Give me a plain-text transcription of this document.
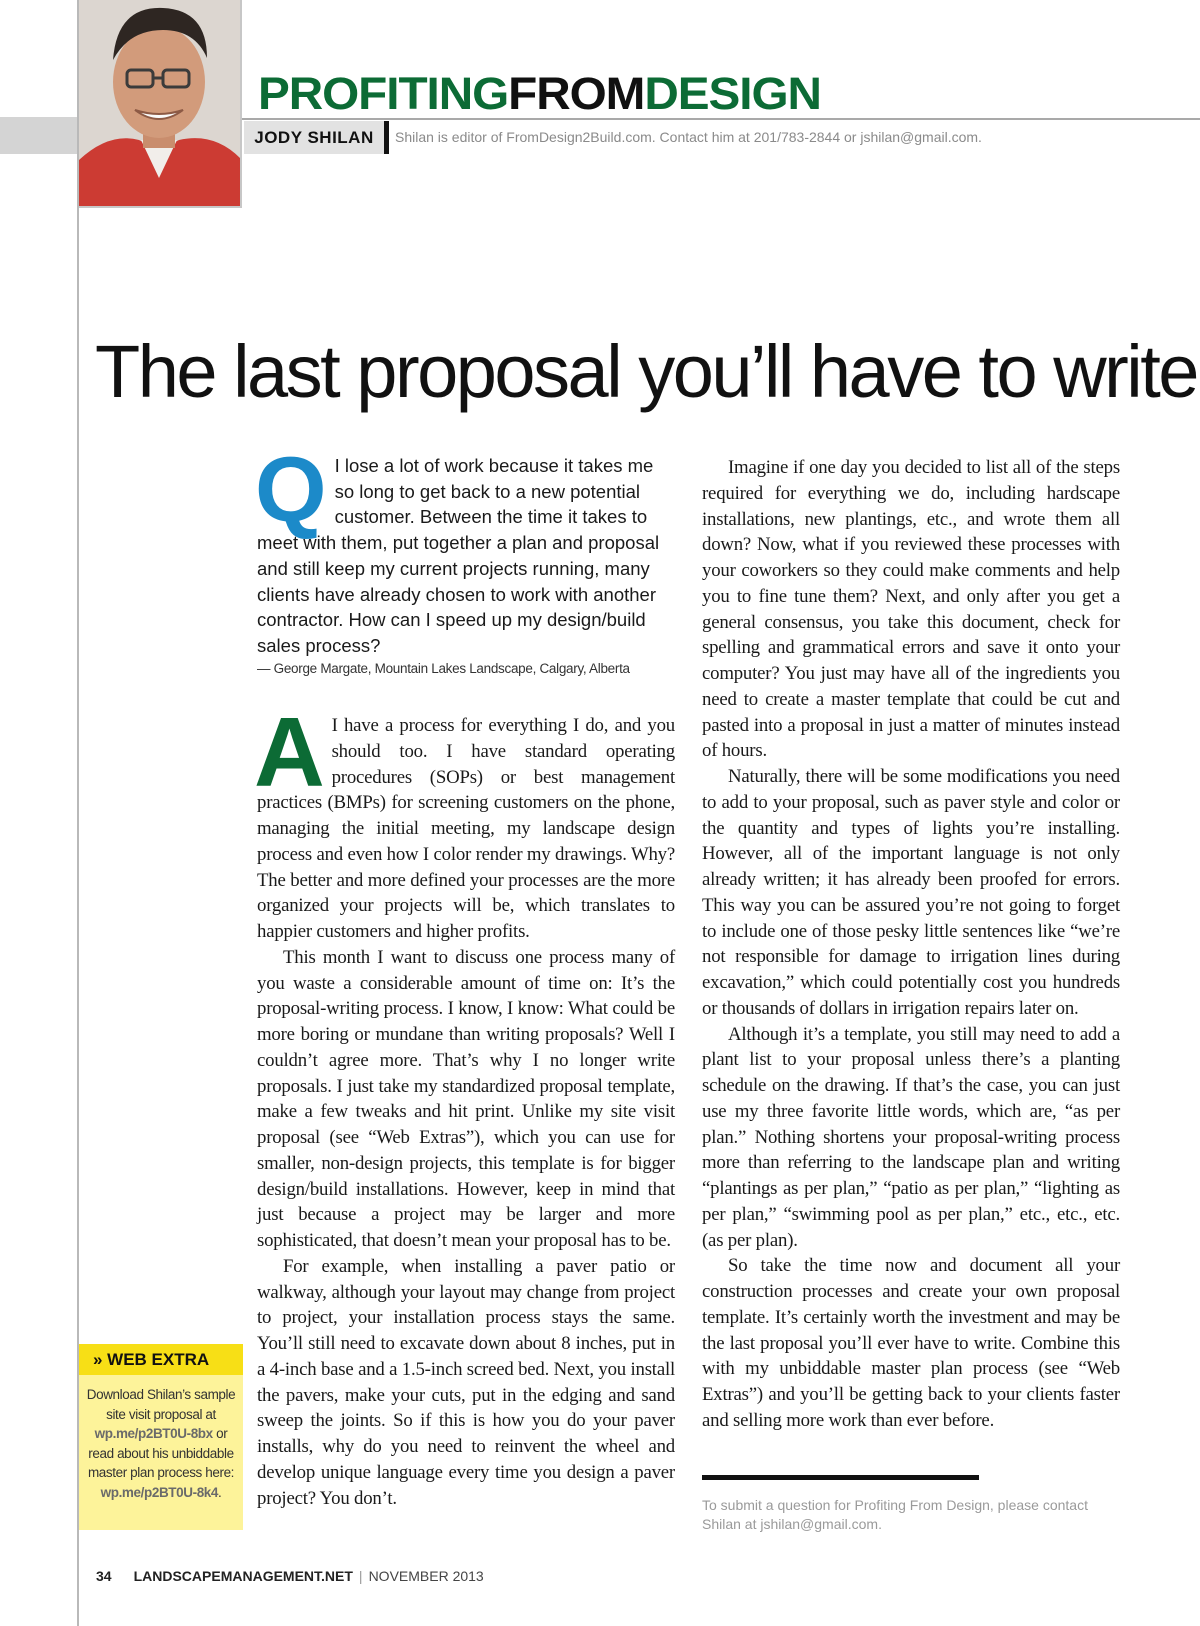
PROFITINGFROMDESIGN
JODY SHILAN	Shilan is editor of FromDesign2Build.com. Contact him at 201/783-2844 or jshilan@gmail.com.
The last proposal you’ll have to write
Q I lose a lot of work because it takes me so long to get back to a new potential customer. Between the time it takes to meet with them, put together a plan and proposal and still keep my current projects running, many clients have already chosen to work with another contractor. How can I speed up my design/build sales process?
— George Margate, Mountain Lakes Landscape, Calgary, Alberta

A I have a process for everything I do, and you should too. I have standard operating procedures (SOPs) or best management practices (BMPs) for screening customers on the phone, managing the initial meeting, my landscape design process and even how I color render my drawings. Why? The better and more defined your processes are the more organized your projects will be, which translates to happier customers and higher profits.

This month I want to discuss one process many of you waste a considerable amount of time on: It’s the proposal-writing process. I know, I know: What could be more boring or mundane than writing proposals? Well I couldn’t agree more. That’s why I no longer write proposals. I just take my standardized proposal template, make a few tweaks and hit print. Unlike my site visit proposal (see “Web Extras”), which you can use for smaller, non-design projects, this template is for bigger design/build installations. However, keep in mind that just because a project may be larger and more sophisticated, that doesn’t mean your proposal has to be.

For example, when installing a paver patio or walkway, although your layout may change from project to project, your installation process stays the same. You’ll still need to excavate down about 8 inches, put in a 4-inch base and a 1.5-inch screed bed. Next, you install the pavers, make your cuts, put in the edging and sand sweep the joints. So if this is how you do your paver installs, why do you need to reinvent the wheel and develop unique language every time you design a paver project? You don’t.

Imagine if one day you decided to list all of the steps required for everything we do, including hardscape installations, new plantings, etc., and wrote them all down? Now, what if you reviewed these processes with your coworkers so they could make comments and help you to fine tune them? Next, and only after you get a general consensus, you take this document, check for spelling and grammatical errors and save it onto your computer? You just may have all of the ingredients you need to create a master template that could be cut and pasted into a proposal in just a matter of minutes instead of hours.

Naturally, there will be some modifications you need to add to your proposal, such as paver style and color or the quantity and types of lights you’re installing. However, all of the important language is not only already written; it has already been proofed for errors. This way you can be assured you’re not going to forget to include one of those pesky little sentences like “we’re not responsible for damage to irrigation lines during excavation,” which could potentially cost you hundreds or thousands of dollars in irrigation repairs later on.

Although it’s a template, you still may need to add a plant list to your proposal unless there’s a planting schedule on the drawing. If that’s the case, you can just use my three favorite little words, which are, “as per plan.” Nothing shortens your proposal-writing process more than referring to the landscape plan and writing “plantings as per plan,” “patio as per plan,” “lighting as per plan,” “swimming pool as per plan,” etc., etc., etc. (as per plan).

So take the time now and document all your construction processes and create your own proposal template. It’s certainly worth the investment and may be the last proposal you’ll ever have to write. Combine this with my unbiddable master plan process (see “Web Extras”) and you’ll be getting back to your clients faster and selling more work than ever before.

To submit a question for Profiting From Design, please contact Shilan at jshilan@gmail.com.
» WEB EXTRA
Download Shilan’s sample site visit proposal at wp.me/p2BT0U-8bx or read about his unbiddable master plan process here: wp.me/p2BT0U-8k4.
34 LANDSCAPEMANAGEMENT.NET | NOVEMBER 2013
